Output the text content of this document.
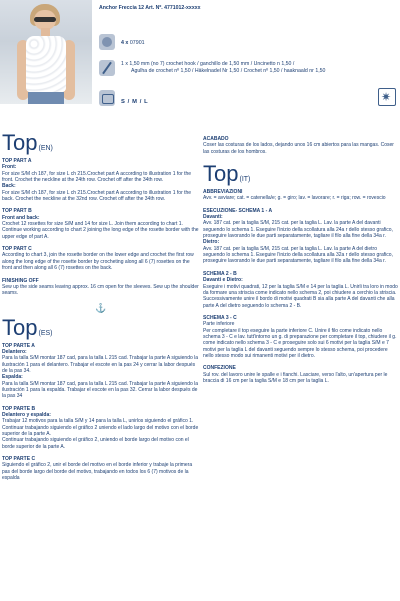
Anchor Freccia 12 Art. Nº. 4771012-xxxxx
4 x 07901
1 x 1,50 mm (no 7) crochet hook / ganchillo de 1,50 mm / Uncinetto n 1,50 /
Agulha de crochet nº 1,50 / Häkelnadel Nr 1,50 / Crochet nº 1,50 / haaknaald nr 1,50
S / M / L
✷
Top (EN)
TOP PART A
Front:

For size S/M ch 187, for size L ch 215.Crochet part A according to illustration 1 for the front. Crochet the neckline at the 24th row. Crochet off after the 34th row.

Back:

For size S/M ch 187, for size L ch 215.Crochet part A according to illustration 1 for the back. Crochet the neckline at the 32nd row. Crochet off after the 34th row.

TOP PART B
Front and back:

Crochet 12 rosettes for size S/M and 14 for size L. Join them according to chart 1.

Continue working according to chart 2 joining the long edge of the rosette border with the upper edge of part A.

TOP PART C

According to chart 3, join the rosette border on the lower edge and crochet the first row along the long edge of the rosette border by crocheting along all 6 (7) rosettes on the front and then along all 6 (7) rosettes on the back.

FINISHING OFF

Sew up the side seams leaving approx. 16 cm open for the sleeves. Sew up the shoulder seams.

⚓
Top (ES)
TOP PARTE A
Delantero:

Para la talla S/M montar 187 cad, para la talla L 215 cad. Trabajar la parte A siguiendo la ilustración 1 para el delantero. Trabajar el escote en la pas 24 y cerrar la labor después de la pas 34.

Espalda:

Para la talla S/M montar 187 cad, para la talla L 215 cad. Trabajar la parte A siguiendo la ilustración 1 para la espalda. Trabajar el escote en la pas 32. Cerrar la labor después de la pas 34

TOP PARTE B
Delantero y espalda:

Trabajar 12 motivos para la talla S/M y 14 para la talla L, unirlos siguiendo el gráfico 1. Continuar trabajando siguiendo el gráfico 2 uniendo el lado largo del motivo con el borde superior de la parte A.

Continuar trabajando siguiendo el gráfico 2, uniendo el borde largo del motivo con el borde superior de la parte A.

TOP PARTE C

Siguiendo el gráfico 2, unir el borde del motivo en el borde inferior y trabaje la primera pas del borde largo del borde del motivo, trabajando en todos los 6 (7) motivos de la espalda

ACABADO

Coser las costuras de los lados, dejando unos 16 cm abiertos para las mangas. Coser las costuras de los hombros.

Top (IT)
ABBREVIAZIONI

Avv. = avviare; cat. = catenella/e; g. = giro; lav. = lavorare; r. = riga; row. = rovescio

ESECUZIONE- SCHEMA 1 - A
Davanti:

Avv. 187 cat. per la taglia S/M, 215 cat. per la taglia L. Lav. la parte A del davanti seguendo lo schema 1. Eseguire l'inizio della scollatura alla 24a r dello stesso grafico, proseguire lavorando le due parti separatamente, tagliare il filo alla fine della 34a r.

Dietro:

Avv. 187 cat. per la taglia S/M, 215 cat. per la taglia L. Lav. la parte A del dietro seguendo lo schema 1. Eseguire l'inizio della scollatura alla 32a r dello stesso grafico, proseguire lavorando le due parti separatamente, tagliare il filo alla fine della 34a r.

SCHEMA 2 - B
Davanti e Dietro:

Eseguire i motivi quadrati, 12 per la taglia S/M e 14 per la taglia L. Unirli tra loro in modo da formare una striscia come indicato nello schema 2, poi chiudere a cerchio la striscia. Successivamente unire il bordo di motivi quadrati B sia alla parte A del davanti che alla parte A del dietro seguendo lo schema 2 - B.

SCHEMA 3 - C

Parte inferiore

Per completare il top eseguire la parte inferiore C. Unire il filo come indicato nello schema 3 - C e lav. tutt'intorno un g. di preparazione per completare il top, chiudere il g. come indicato nello schema 3 - C e proseguire solo sui 6 motivi per la taglia S/M e 7 motivi per la taglia L del davanti seguendo sempre lo stesso schema, poi procedere nello stesso modo sui rimanenti motivi per il dietro.

CONFEZIONE

Sul rov. del lavoro unire le spalle e i fianchi. Lasciare, verso l'alto, un'apertura per le braccia di 16 cm per la taglia S/M e 18 cm per la taglia L.
